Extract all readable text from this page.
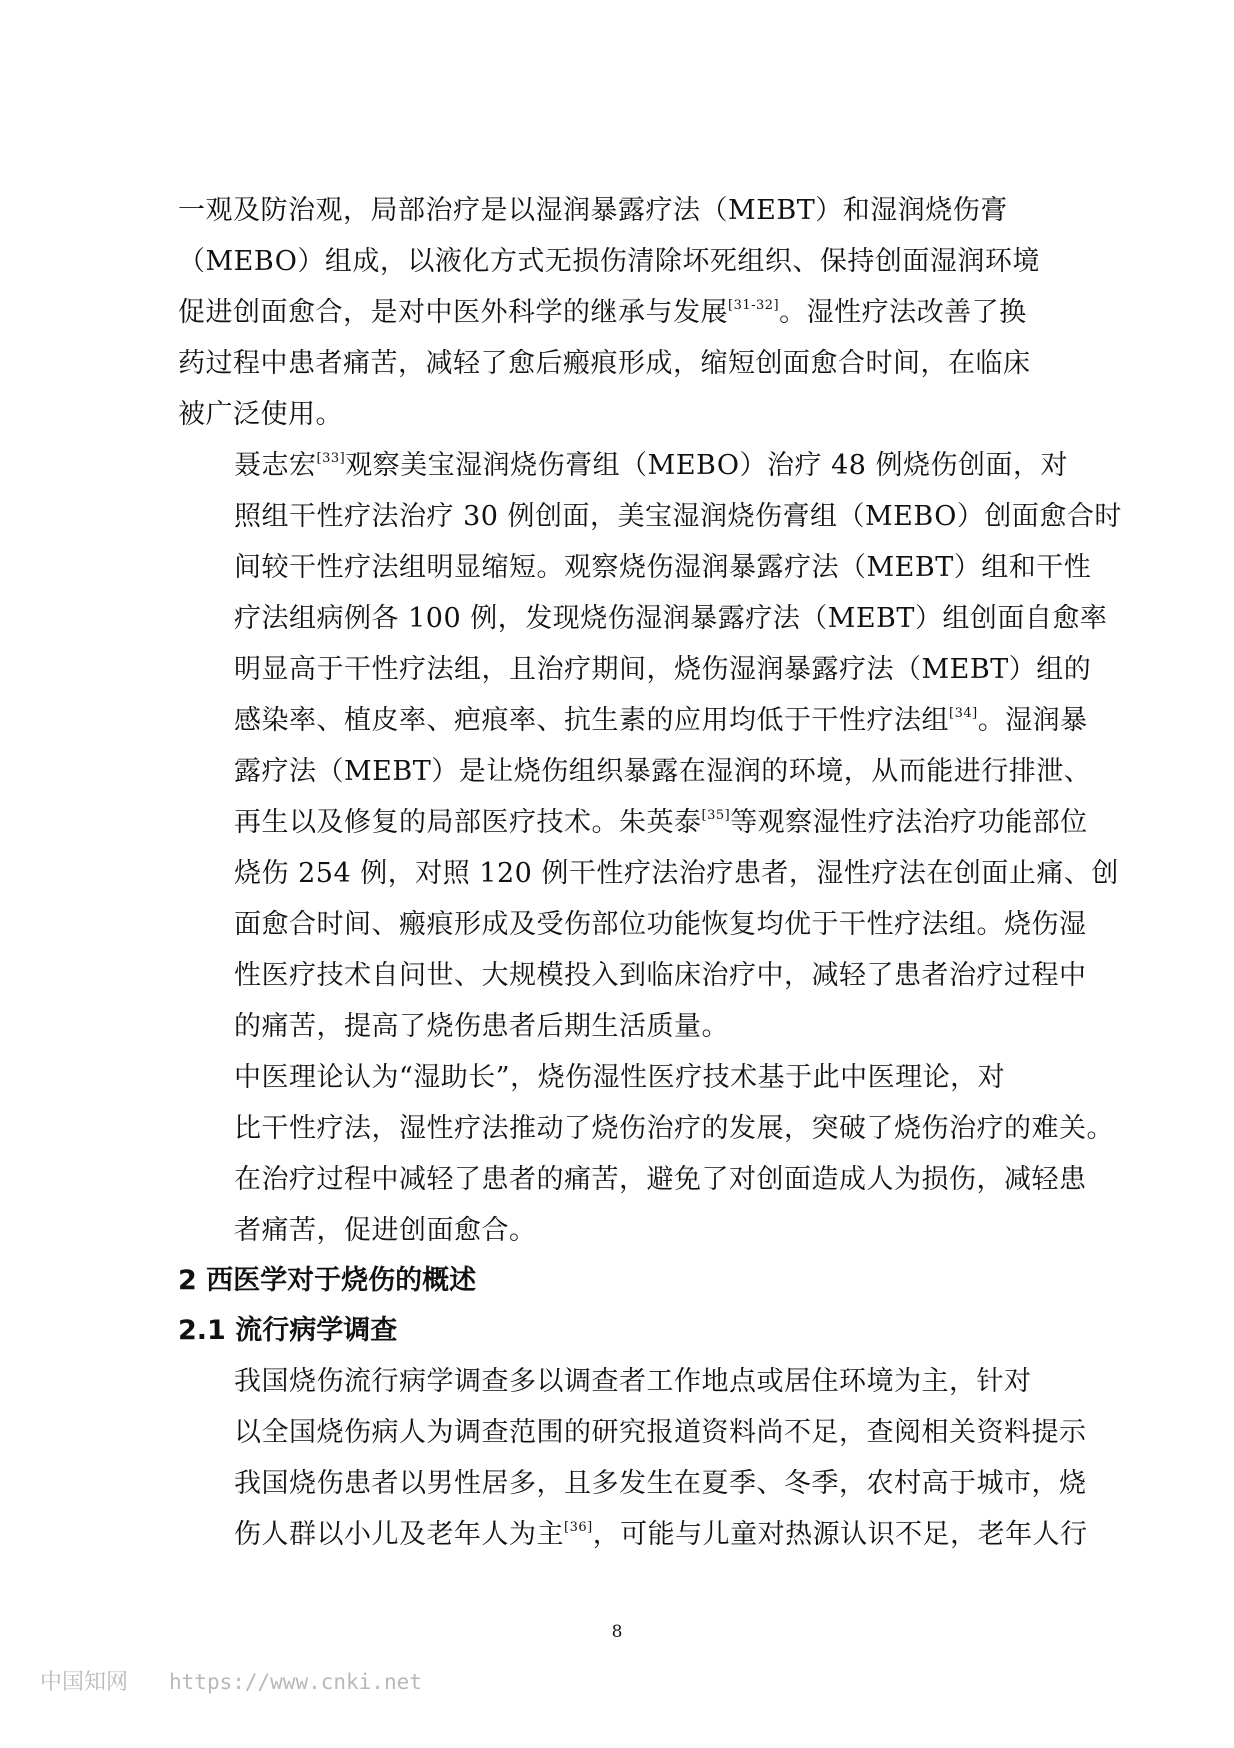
一观及防治观，局部治疗是以湿润暴露疗法（MEBT）和湿润烧伤膏
（MEBO）组成，以液化方式无损伤清除坏死组织、保持创面湿润环境
促进创面愈合，是对中医外科学的继承与发展[31-32]。湿性疗法改善了换
药过程中患者痛苦，减轻了愈后瘢痕形成，缩短创面愈合时间，在临床
被广泛使用。

聂志宏[33]观察美宝湿润烧伤膏组（MEBO）治疗 48 例烧伤创面，对
照组干性疗法治疗 30 例创面，美宝湿润烧伤膏组（MEBO）创面愈合时
间较干性疗法组明显缩短。观察烧伤湿润暴露疗法（MEBT）组和干性
疗法组病例各 100 例，发现烧伤湿润暴露疗法（MEBT）组创面自愈率
明显高于干性疗法组，且治疗期间，烧伤湿润暴露疗法（MEBT）组的
感染率、植皮率、疤痕率、抗生素的应用均低于干性疗法组[34]。湿润暴
露疗法（MEBT）是让烧伤组织暴露在湿润的环境，从而能进行排泄、
再生以及修复的局部医疗技术。朱英泰[35]等观察湿性疗法治疗功能部位
烧伤 254 例，对照 120 例干性疗法治疗患者，湿性疗法在创面止痛、创
面愈合时间、瘢痕形成及受伤部位功能恢复均优于干性疗法组。烧伤湿
性医疗技术自问世、大规模投入到临床治疗中，减轻了患者治疗过程中
的痛苦，提高了烧伤患者后期生活质量。

中医理论认为“湿助长”，烧伤湿性医疗技术基于此中医理论，对
比干性疗法，湿性疗法推动了烧伤治疗的发展，突破了烧伤治疗的难关。
在治疗过程中减轻了患者的痛苦，避免了对创面造成人为损伤，减轻患
者痛苦，促进创面愈合。

2 西医学对于烧伤的概述
2.1 流行病学调查

我国烧伤流行病学调查多以调查者工作地点或居住环境为主，针对
以全国烧伤病人为调查范围的研究报道资料尚不足，查阅相关资料提示
我国烧伤患者以男性居多，且多发生在夏季、冬季，农村高于城市，烧
伤人群以小儿及老年人为主[36]，可能与儿童对热源认识不足，老年人行

8
中国知网 https://www.cnki.net
